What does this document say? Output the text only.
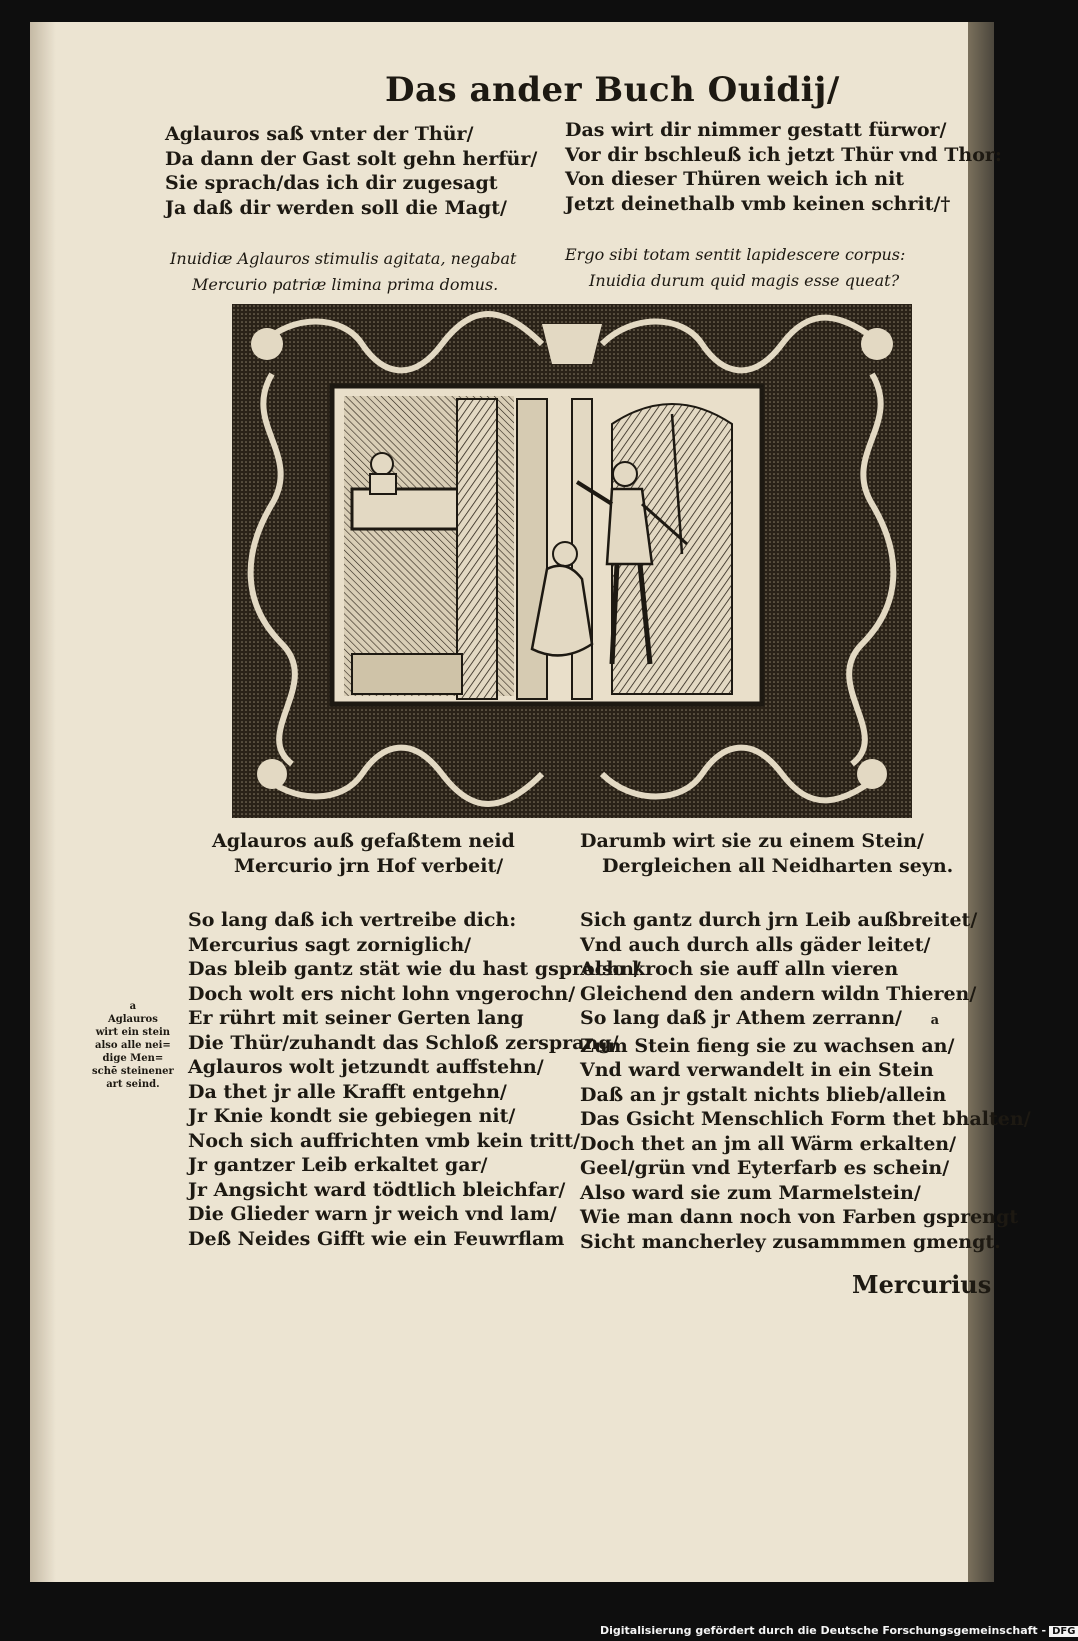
Das ander Buch Ouidij/
Aglauros saß vnter der Thür/
Da dann der Gast solt gehn herfür/
Sie sprach/das ich dir zugesagt
Ja daß dir werden soll die Magt/
Das wirt dir nimmer gestatt fürwor/
Vor dir bschleuß ich jetzt Thür vnd Thor:
Von dieser Thüren weich ich nit
Jetzt deinethalb vmb keinen schrit/†
Inuidiæ Aglauros stimulis agitata, negabat
Mercurio patriæ limina prima domus.
Ergo sibi totam sentit lapidescere corpus:
Inuidia durum quid magis esse queat?
Aglauros auß gefaßtem neid
Mercurio jrn Hof verbeit/
Darumb wirt sie zu einem Stein/
Dergleichen all Neidharten seyn.
a
Aglauros
wirt ein stein
also alle nei=
dige Men=
schē steinener
art seind.
So lang daß ich vertreibe dich:
Mercurius sagt zorniglich/
Das bleib gantz stät wie du hast gsprochn/
Doch wolt ers nicht lohn vngerochn/
Er rührt mit seiner Gerten lang
Die Thür/zuhandt das Schloß zersprang/
Aglauros wolt jetzundt auffstehn/
Da thet jr alle Krafft entgehn/
Jr Knie kondt sie gebiegen nit/
Noch sich auffrichten vmb kein tritt/
Jr gantzer Leib erkaltet gar/
Jr Angsicht ward tödtlich bleichfar/
Die Glieder warn jr weich vnd lam/
Deß Neides Gifft wie ein Feuwrflam
Sich gantz durch jrn Leib außbreitet/
Vnd auch durch alls gäder leitet/
Also kroch sie auff alln vieren
Gleichend den andern wildn Thieren/
So lang daß jr Athem zerrann/ a
Zum Stein fieng sie zu wachsen an/
Vnd ward verwandelt in ein Stein
Daß an jr gstalt nichts blieb/allein
Das Gsicht Menschlich Form thet bhalten/
Doch thet an jm all Wärm erkalten/
Geel/grün vnd Eyterfarb es schein/
Also ward sie zum Marmelstein/
Wie man dann noch von Farben gsprengt
Sicht mancherley zusammmen gmengt.
Mercurius
Digitalisierung gefördert durch die Deutsche Forschungsgemeinschaft - DFG
